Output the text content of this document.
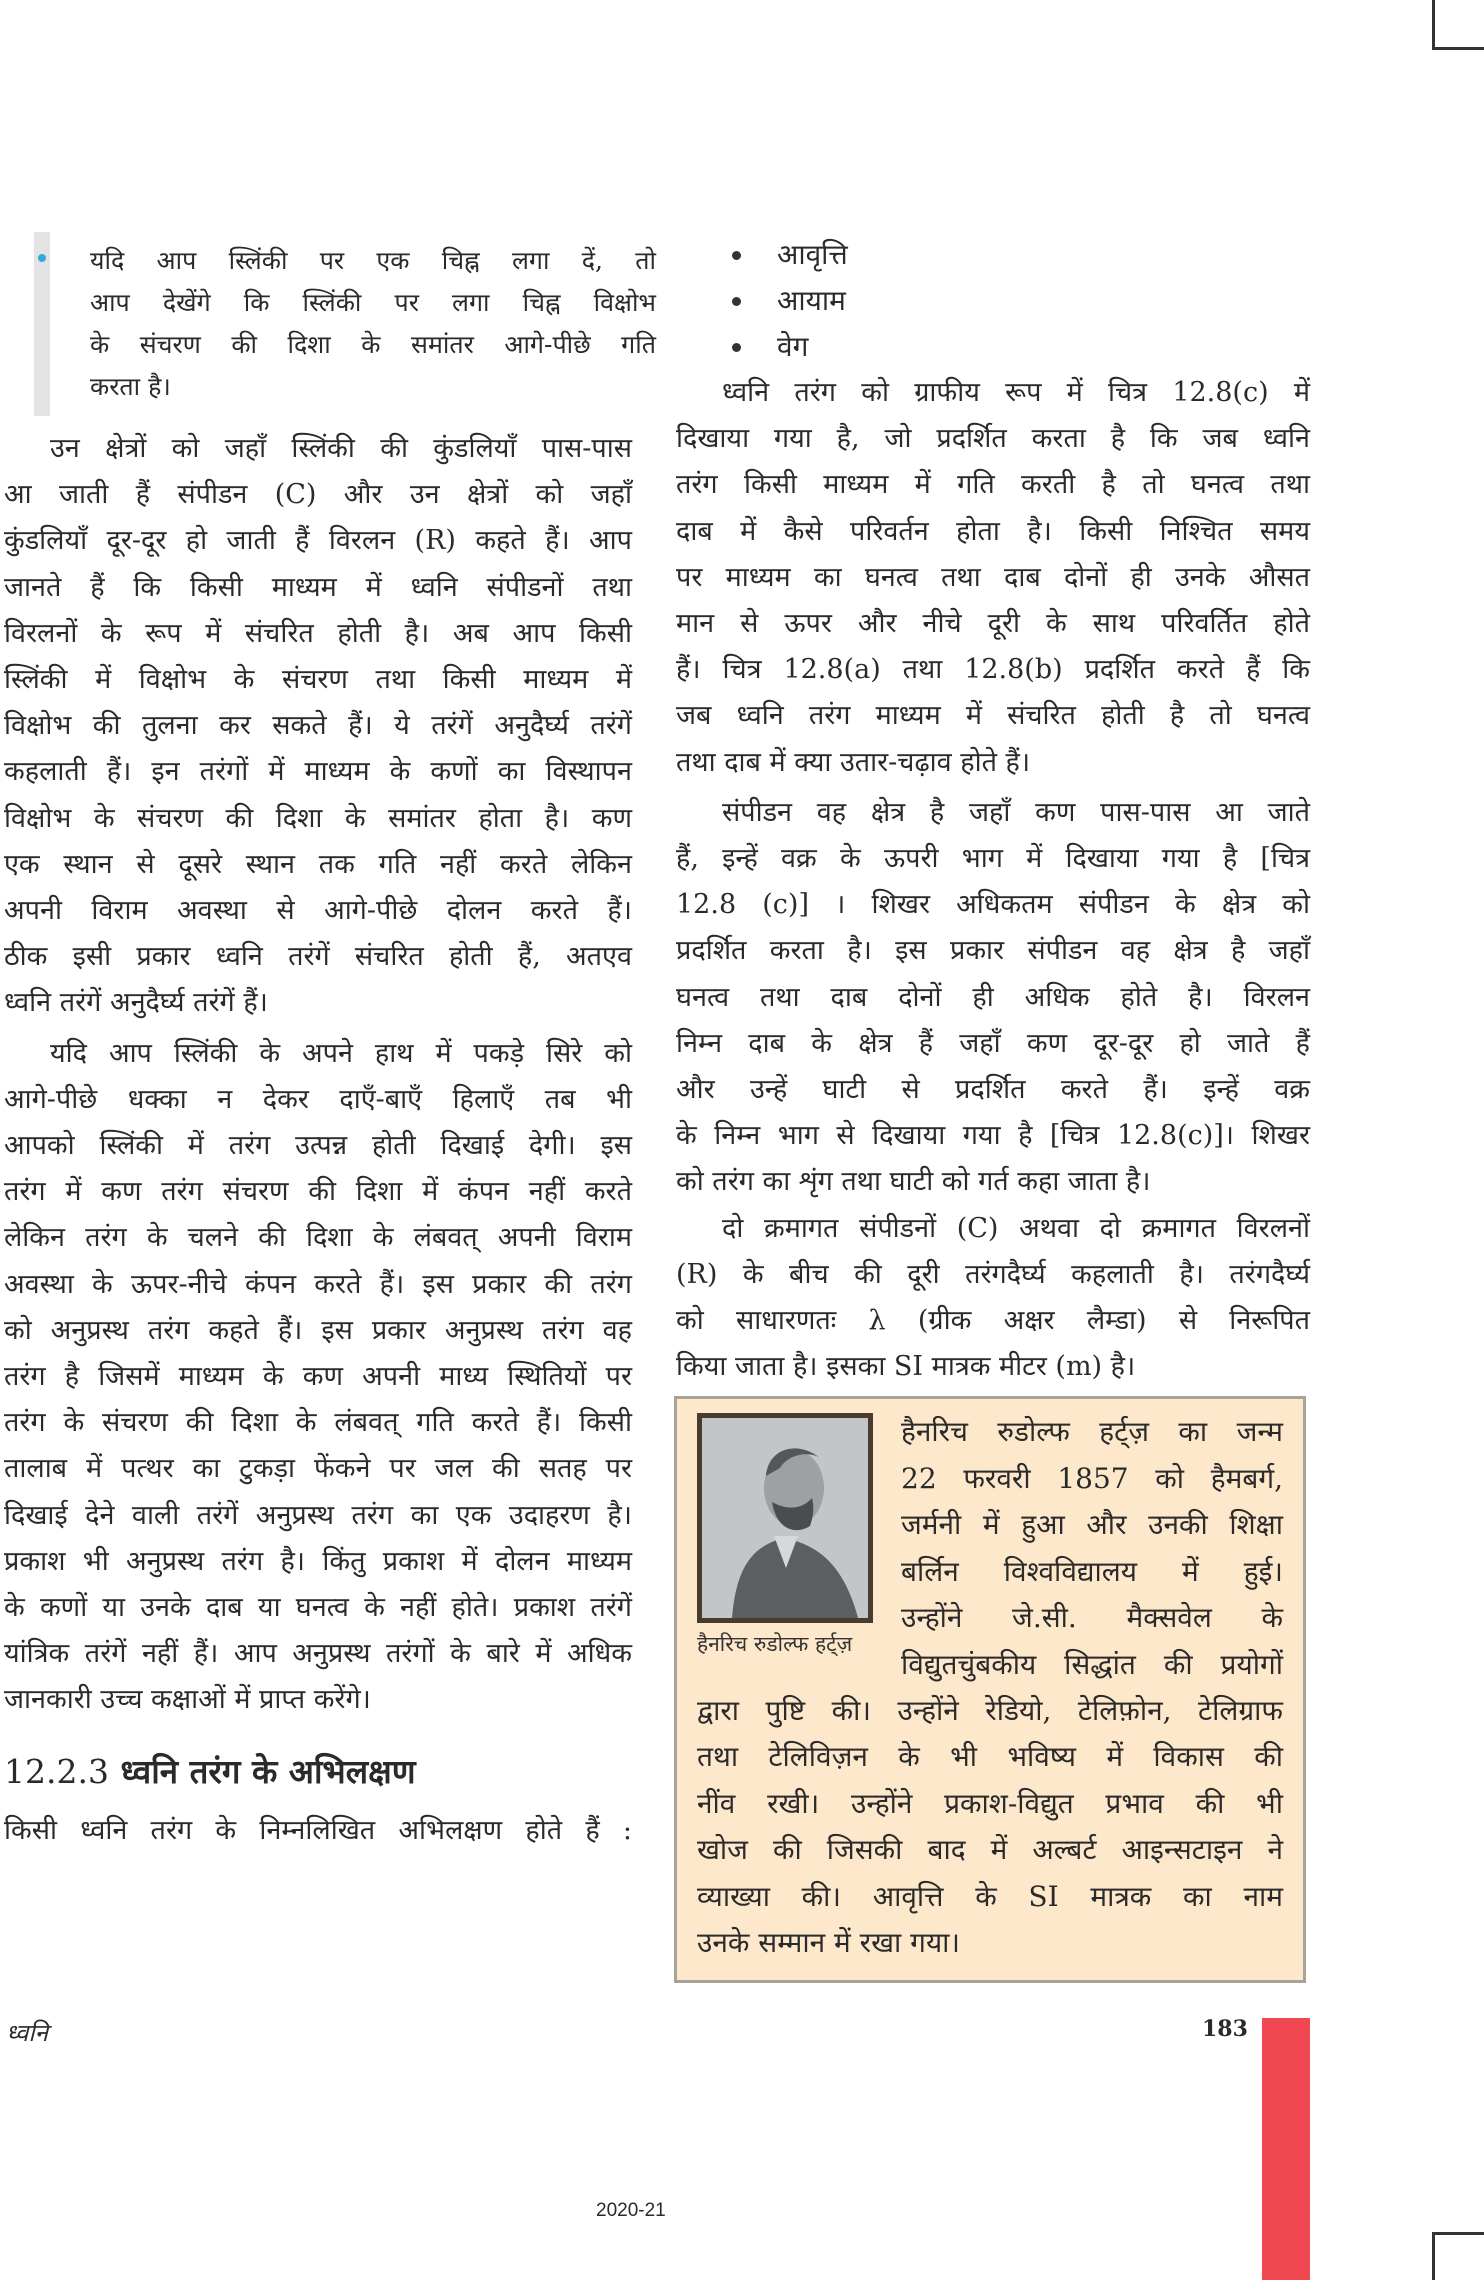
यदि आप स्लिंकी पर एक चिह्न लगा दें, तो
आप देखेंगे कि स्लिंकी पर लगा चिह्न विक्षोभ
के संचरण की दिशा के समांतर आगे-पीछे गति
करता है।
उन क्षेत्रों को जहाँ स्लिंकी की कुंडलियाँ पास-पास
आ जाती हैं संपीडन (C) और उन क्षेत्रों को जहाँ
कुंडलियाँ दूर-दूर हो जाती हैं विरलन (R) कहते हैं। आप
जानते हैं कि किसी माध्यम में ध्वनि संपीडनों तथा
विरलनों के रूप में संचरित होती है। अब आप किसी
स्लिंकी में विक्षोभ के संचरण तथा किसी माध्यम में
विक्षोभ की तुलना कर सकते हैं। ये तरंगें अनुदैर्घ्य तरंगें
कहलाती हैं। इन तरंगों में माध्यम के कणों का विस्थापन
विक्षोभ के संचरण की दिशा के समांतर होता है। कण
एक स्थान से दूसरे स्थान तक गति नहीं करते लेकिन
अपनी विराम अवस्था से आगे-पीछे दोलन करते हैं।
ठीक इसी प्रकार ध्वनि तरंगें संचरित होती हैं, अतएव
ध्वनि तरंगें अनुदैर्घ्य तरंगें हैं।
यदि आप स्लिंकी के अपने हाथ में पकड़े सिरे को
आगे-पीछे धक्का न देकर दाएँ-बाएँ हिलाएँ तब भी
आपको स्लिंकी में तरंग उत्पन्न होती दिखाई देगी। इस
तरंग में कण तरंग संचरण की दिशा में कंपन नहीं करते
लेकिन तरंग के चलने की दिशा के लंबवत् अपनी विराम
अवस्था के ऊपर-नीचे कंपन करते हैं। इस प्रकार की तरंग
को अनुप्रस्थ तरंग कहते हैं। इस प्रकार अनुप्रस्थ तरंग वह
तरंग है जिसमें माध्यम के कण अपनी माध्य स्थितियों पर
तरंग के संचरण की दिशा के लंबवत् गति करते हैं। किसी
तालाब में पत्थर का टुकड़ा फेंकने पर जल की सतह पर
दिखाई देने वाली तरंगें अनुप्रस्थ तरंग का एक उदाहरण है।
प्रकाश भी अनुप्रस्थ तरंग है। किंतु प्रकाश में दोलन माध्यम
के कणों या उनके दाब या घनत्व के नहीं होते। प्रकाश तरंगें
यांत्रिक तरंगें नहीं हैं। आप अनुप्रस्थ तरंगों के बारे में अधिक
जानकारी उच्च कक्षाओं में प्राप्त करेंगे।
12.2.3 ध्वनि तरंग के अभिलक्षण
किसी ध्वनि तरंग के निम्नलिखित अभिलक्षण होते हैं :
आवृत्ति
आयाम
वेग
ध्वनि तरंग को ग्राफीय रूप में चित्र 12.8(c) में
दिखाया गया है, जो प्रदर्शित करता है कि जब ध्वनि
तरंग किसी माध्यम में गति करती है तो घनत्व तथा
दाब में कैसे परिवर्तन होता है। किसी निश्चित समय
पर माध्यम का घनत्व तथा दाब दोनों ही उनके औसत
मान से ऊपर और नीचे दूरी के साथ परिवर्तित होते
हैं। चित्र 12.8(a) तथा 12.8(b) प्रदर्शित करते हैं कि
जब ध्वनि तरंग माध्यम में संचरित होती है तो घनत्व
तथा दाब में क्या उतार-चढ़ाव होते हैं।
संपीडन वह क्षेत्र है जहाँ कण पास-पास आ जाते
हैं, इन्हें वक्र के ऊपरी भाग में दिखाया गया है [चित्र
12.8 (c)] । शिखर अधिकतम संपीडन के क्षेत्र को
प्रदर्शित करता है। इस प्रकार संपीडन वह क्षेत्र है जहाँ
घनत्व तथा दाब दोनों ही अधिक होते है। विरलन
निम्न दाब के क्षेत्र हैं जहाँ कण दूर-दूर हो जाते हैं
और उन्हें घाटी से प्रदर्शित करते हैं। इन्हें वक्र
के निम्न भाग से दिखाया गया है [चित्र 12.8(c)]। शिखर
को तरंग का शृंग तथा घाटी को गर्त कहा जाता है।
दो क्रमागत संपीडनों (C) अथवा दो क्रमागत विरलनों
(R) के बीच की दूरी तरंगदैर्घ्य कहलाती है। तरंगदैर्घ्य
को साधारणतः λ (ग्रीक अक्षर लैम्डा) से निरूपित
किया जाता है। इसका SI मात्रक मीटर (m) है।
हैनरिच रुडोल्फ हर्ट्ज़
हैनरिच रुडोल्फ हर्ट्ज़ का जन्म
22 फरवरी 1857 को हैमबर्ग,
जर्मनी में हुआ और उनकी शिक्षा
बर्लिन विश्वविद्यालय में हुई।
उन्होंने जे.सी. मैक्सवेल के
विद्युतचुंबकीय सिद्धांत की प्रयोगों
द्वारा पुष्टि की। उन्होंने रेडियो, टेलिफ़ोन, टेलिग्राफ
तथा टेलिविज़न के भी भविष्य में विकास की
नींव रखी। उन्होंने प्रकाश-विद्युत प्रभाव की भी
खोज की जिसकी बाद में अल्बर्ट आइन्सटाइन ने
व्याख्या की। आवृत्ति के SI मात्रक का नाम
उनके सम्मान में रखा गया।
ध्वनि	183
2020-21
